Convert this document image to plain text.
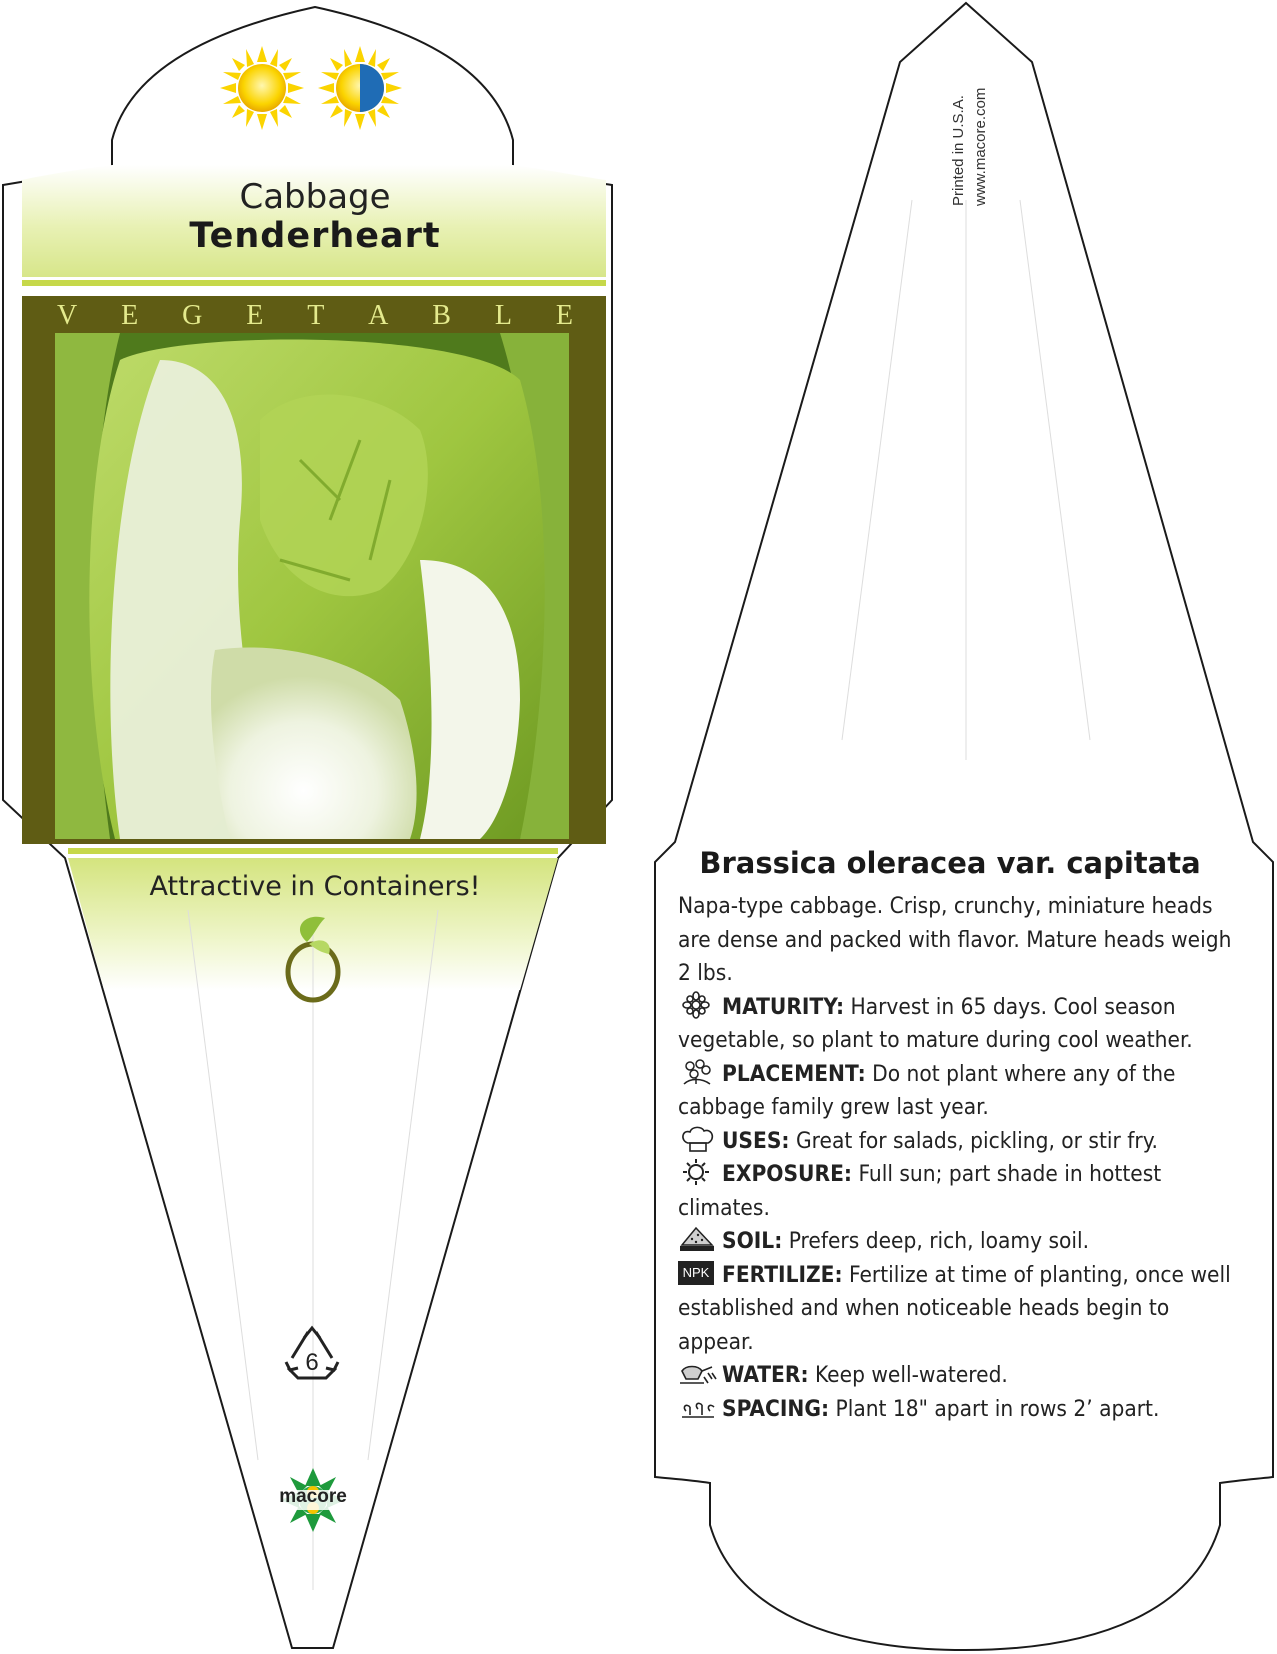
Cabbage
Tenderheart
V E G E T A B L E
Attractive in Containers!
6
macore
Printed in U.S.A. www.macore.com
Brassica oleracea var. capitata

Napa-type cabbage. Crisp, crunchy, miniature heads are dense and packed with flavor. Mature heads weigh 2 lbs.

MATURITY: Harvest in 65 days. Cool season vegetable, so plant to mature during cool weather.

PLACEMENT: Do not plant where any of the cabbage family grew last year.

USES: Great for salads, pickling, or stir fry.

EXPOSURE: Full sun; part shade in hottest climates.

SOIL: Prefers deep, rich, loamy soil.

NPK FERTILIZE: Fertilize at time of planting, once well established and when noticeable heads begin to appear.

WATER: Keep well-watered.

SPACING: Plant 18" apart in rows 2’ apart.
